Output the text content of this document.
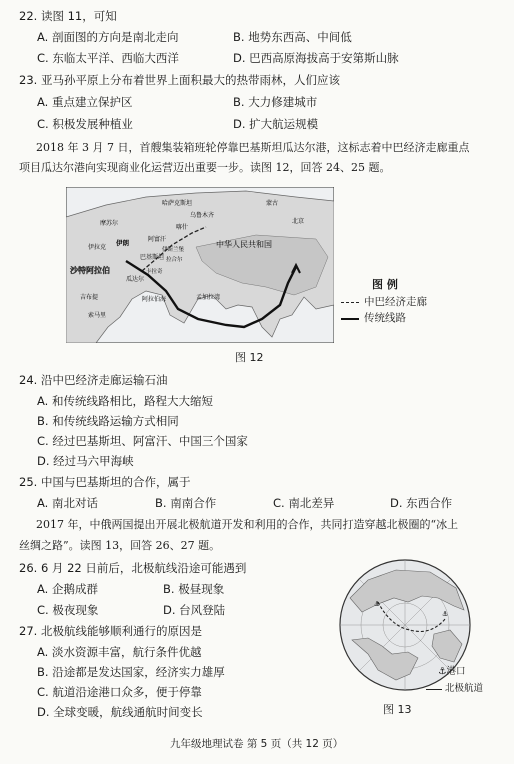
22. 读图 11，可知
A. 剖面图的方向是南北走向	B. 地势东西高、中间低
C. 东临太平洋、西临大西洋	D. 巴西高原海拔高于安第斯山脉
23. 亚马孙平原上分布着世界上面积最大的热带雨林，人们应该
A. 重点建立保护区	B. 大力修建城市
C. 积极发展种植业	D. 扩大航运规模
2018 年 3 月 7 日，首艘集装箱班轮停靠巴基斯坦瓜达尔港，这标志着中巴经济走廊重点
项目瓜达尔港向实现商业化运营迈出重要一步。读图 12，回答 24、25 题。
摩苏尔
哈萨克斯坦	蒙古
乌鲁木齐
喀什
北京
伊拉克
伊朗	阿富汗
伊斯兰堡
拉合尔
巴基斯坦
卡拉奇
瓜达尔
中华人民共和国
沙特阿拉伯
阿拉伯海	孟加拉湾
吉布提
索马里
图 例
中巴经济走廊
传统线路
图 12
24. 沿中巴经济走廊运输石油
A. 和传统线路相比，路程大大缩短
B. 和传统线路运输方式相同
C. 经过巴基斯坦、阿富汗、中国三个国家
D. 经过马六甲海峡
25. 中国与巴基斯坦的合作，属于
A. 南北对话	B. 南南合作	C. 南北差异	D. 东西合作
2017 年，中俄两国提出开展北极航道开发和利用的合作，共同打造穿越北极圈的“冰上
丝绸之路”。读图 13，回答 26、27 题。
26. 6 月 22 日前后，北极航线沿途可能遇到
A. 企鹅成群	B. 极昼现象
C. 极夜现象	D. 台风登陆
27. 北极航线能够顺利通行的原因是
A. 淡水资源丰富，航行条件优越
B. 沿途都是发达国家，经济实力雄厚
C. 航道沿途港口众多，便于停靠
D. 全球变暖，航线通航时间变长
⚓
⚓
⚓港口
北极航道
图 13
九年级地理试卷 第 5 页（共 12 页）
